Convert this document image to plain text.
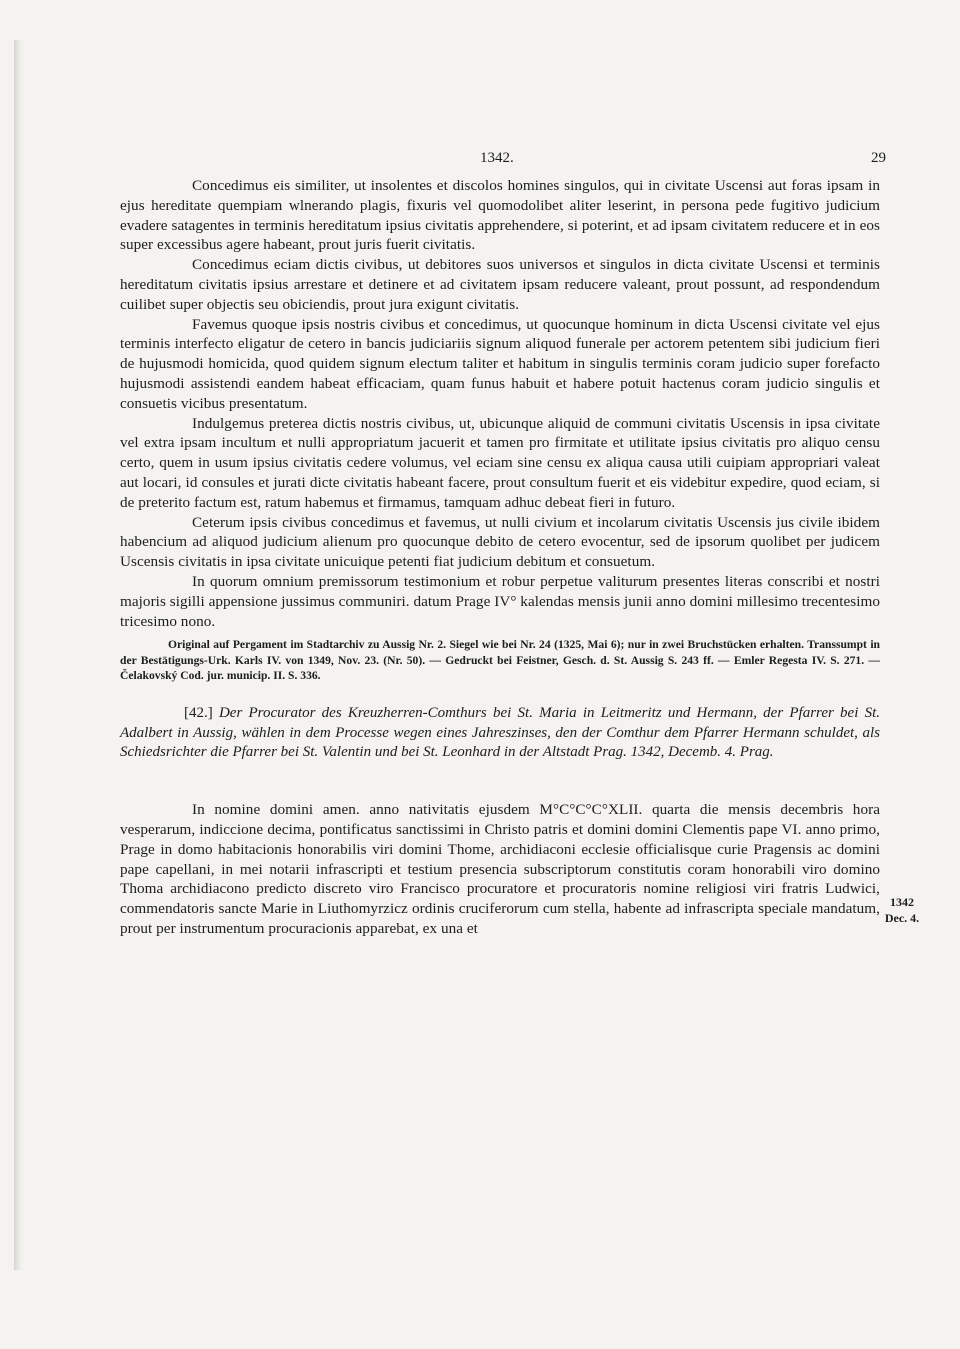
1342.	29

Concedimus eis similiter, ut insolentes et discolos homines singulos, qui in civitate Uscensi aut foras ipsam in ejus hereditate quempiam wlnerando plagis, fixuris vel quomodolibet aliter leserint, in persona pede fugitivo judicium evadere satagentes in terminis hereditatum ipsius civitatis apprehendere, si poterint, et ad ipsam civitatem reducere et in eos super excessibus agere habeant, prout juris fuerit civitatis.

Concedimus eciam dictis civibus, ut debitores suos universos et singulos in dicta civitate Uscensi et terminis hereditatum civitatis ipsius arrestare et detinere et ad civitatem ipsam reducere valeant, prout possunt, ad respondendum cuilibet super objectis seu obiciendis, prout jura exigunt civitatis.

Favemus quoque ipsis nostris civibus et concedimus, ut quocunque hominum in dicta Uscensi civitate vel ejus terminis interfecto eligatur de cetero in bancis judiciariis signum aliquod funerale per actorem petentem sibi judicium fieri de hujusmodi homicida, quod quidem signum electum taliter et habitum in singulis terminis coram judicio super forefacto hujusmodi assistendi eandem habeat efficaciam, quam funus habuit et habere potuit hactenus coram judicio singulis et consuetis vicibus presentatum.

Indulgemus preterea dictis nostris civibus, ut, ubicunque aliquid de communi civitatis Uscensis in ipsa civitate vel extra ipsam incultum et nulli appropriatum jacuerit et tamen pro firmitate et utilitate ipsius civitatis pro aliquo censu certo, quem in usum ipsius civitatis cedere volumus, vel eciam sine censu ex aliqua causa utili cuipiam appropriari valeat aut locari, id consules et jurati dicte civitatis habeant facere, prout consultum fuerit et eis videbitur expedire, quod eciam, si de preterito factum est, ratum habemus et firmamus, tamquam adhuc debeat fieri in futuro.

Ceterum ipsis civibus concedimus et favemus, ut nulli civium et incolarum civitatis Uscensis jus civile ibidem habencium ad aliquod judicium alienum pro quocunque debito de cetero evocentur, sed de ipsorum quolibet per judicem Uscensis civitatis in ipsa civitate unicuique petenti fiat judicium debitum et consuetum.

In quorum omnium premissorum testimonium et robur perpetue valiturum presentes literas conscribi et nostri majoris sigilli appensione jussimus communiri. datum Prage IV° kalendas mensis junii anno domini millesimo trecentesimo tricesimo nono.

Original auf Pergament im Stadtarchiv zu Aussig Nr. 2. Siegel wie bei Nr. 24 (1325, Mai 6); nur in zwei Bruchstücken erhalten. Transsumpt in der Bestätigungs-Urk. Karls IV. von 1349, Nov. 23. (Nr. 50). — Gedruckt bei Feistner, Gesch. d. St. Aussig S. 243 ff. — Emler Regesta IV. S. 271. — Čelakovský Cod. jur. municip. II. S. 336.

[42.] Der Procurator des Kreuzherren-Comthurs bei St. Maria in Leitmeritz und Hermann, der Pfarrer bei St. Adalbert in Aussig, wählen in dem Processe wegen eines Jahreszinses, den der Comthur dem Pfarrer Hermann schuldet, als Schiedsrichter die Pfarrer bei St. Valentin und bei St. Leonhard in der Altstadt Prag. 1342, Decemb. 4. Prag.

In nomine domini amen. anno nativitatis ejusdem M°C°C°C°XLII. quarta die mensis decembris hora vesperarum, indiccione decima, pontificatus sanctissimi in Christo patris et domini domini Clementis pape VI. anno primo, Prage in domo habitacionis honorabilis viri domini Thome, archidiaconi ecclesie officialisque curie Pragensis ac domini pape capellani, in mei notarii infrascripti et testium presencia subscriptorum constitutis coram honorabili viro domino Thoma archidiacono predicto discreto viro Francisco procuratore et procuratoris nomine religiosi viri fratris Ludwici, commendatoris sancte Marie in Liuthomyrzicz ordinis cruciferorum cum stella, habente ad infrascripta speciale mandatum, prout per instrumentum procuracionis apparebat, ex una et

1342
Dec. 4.
